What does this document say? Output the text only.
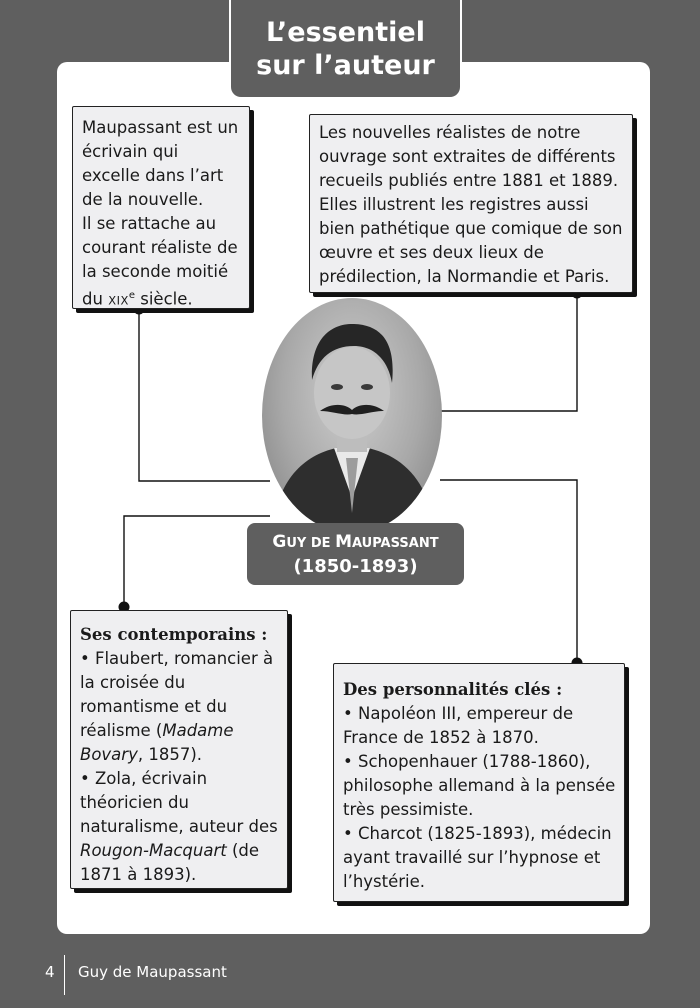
L’essentiel
sur l’auteur

Maupassant est un écrivain qui excelle dans l’art de la nouvelle.

Il se rattache au courant réaliste de la seconde moitié du XIXe siècle.

Les nouvelles réalistes de notre ouvrage sont extraites de différents recueils publiés entre 1881 et 1889. Elles illustrent les registres aussi bien pathétique que comique de son œuvre et ses deux lieux de prédilection, la Normandie et Paris.

GUY DE MAUPASSANT
(1850-1893)

Ses contemporains :

• Flaubert, romancier à la croisée du romantisme et du réalisme (Madame Bovary, 1857).

• Zola, écrivain théoricien du naturalisme, auteur des Rougon-Macquart (de 1871 à 1893).

Des personnalités clés :

• Napoléon III, empereur de France de 1852 à 1870.

• Schopenhauer (1788-1860), philosophe allemand à la pensée très pessimiste.

• Charcot (1825-1893), médecin ayant travaillé sur l’hypnose et l’hystérie.

4 Guy de Maupassant
